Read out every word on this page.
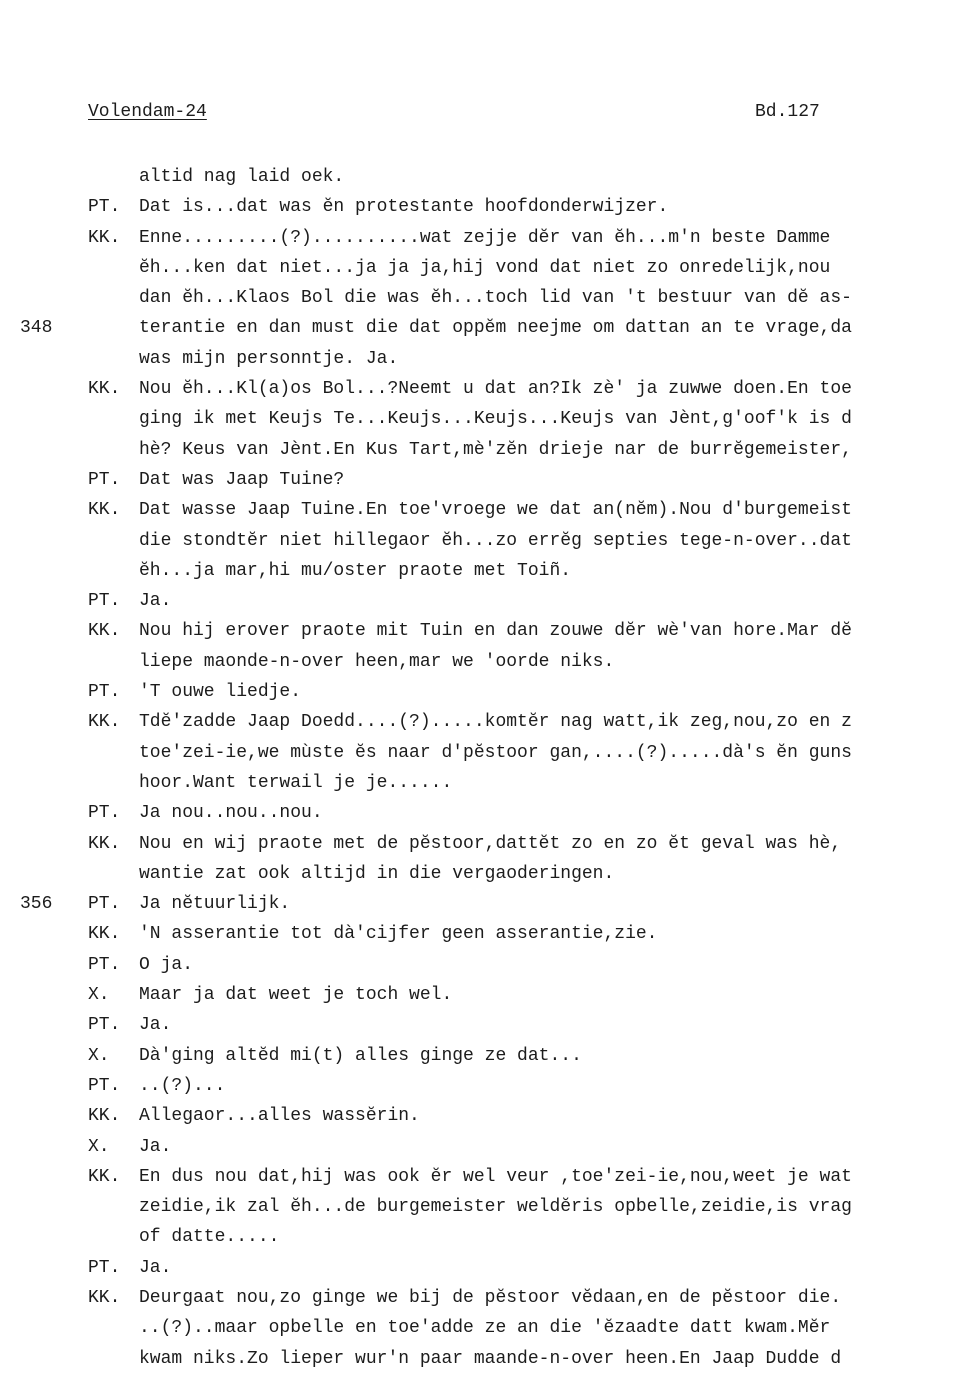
Volendam-24	Bd.127
altid nag laid oek.
PT. Dat is...dat was ĕn protestante hoofdonderwijzer.
KK. Enne.........(?)..........wat zejje dĕr van ĕh...m'n beste Damme
ĕh...ken dat niet...ja ja ja,hij vond dat niet zo onredelijk,nou
dan ĕh...Klaos Bol die was ĕh...toch lid van 't bestuur van dĕ as-
348	terantie en dan must die dat oppĕm neejme om dattan an te vrage,da
was mijn personntje. Ja.
KK. Nou ĕh...Kl(a)os Bol...?Neemt u dat an?Ik zè' ja zuwwe doen.En toe
ging ik met Keujs Te...Keujs...Keujs...Keujs van Jènt,g'oof'k is d
hè? Keus van Jènt.En Kus Tart,mè'zĕn drieje nar de burrĕgemeister,
PT. Dat was Jaap Tuine?
KK. Dat wasse Jaap Tuine.En toe'vroege we dat an(nĕm).Nou d'burgemeist
die stondtĕr niet hillegaor ĕh...zo errĕg septies tege-n-over..dat
ĕh...ja mar,hi mu/oster praote met Toiñ.
PT. Ja.
KK. Nou hij erover praote mit Tuin en dan zouwe dĕr wè'van hore.Mar dĕ
liepe maonde-n-over heen,mar we 'oorde niks.
PT. 'T ouwe liedje.
KK. Tdĕ'zadde Jaap Doedd....(?).....komtĕr nag watt,ik zeg,nou,zo en z
toe'zei-ie,we mùste ĕs naar d'pĕstoor gan,....(?).....dà's ĕn guns
hoor.Want terwail je je......
PT. Ja nou..nou..nou.
KK. Nou en wij praote met de pĕstoor,dattĕt zo en zo ĕt geval was hè,
wantie zat ook altijd in die vergaoderingen.
356 PT. Ja nĕtuurlijk.
KK. 'N asserantie tot dà'cijfer geen asserantie,zie.
PT. O ja.
X. Maar ja dat weet je toch wel.
PT. Ja.
X. Dà'ging altĕd mi(t) alles ginge ze dat...
PT. ..(?)...
KK. Allegaor...alles wassĕrin.
X. Ja.
KK. En dus nou dat,hij was ook ĕr wel veur ,toe'zei-ie,nou,weet je wat
zeidie,ik zal ĕh...de burgemeister weldĕris opbelle,zeidie,is vrag
of datte.....
PT. Ja.
KK. Deurgaat nou,zo ginge we bij de pĕstoor vĕdaan,en de pĕstoor die.
..(?)..maar opbelle en toe'adde ze an die 'ĕzaadte datt kwam.Mĕr
kwam niks.Zo lieper wur'n paar maande-n-over heen.En Jaap Dudde d
